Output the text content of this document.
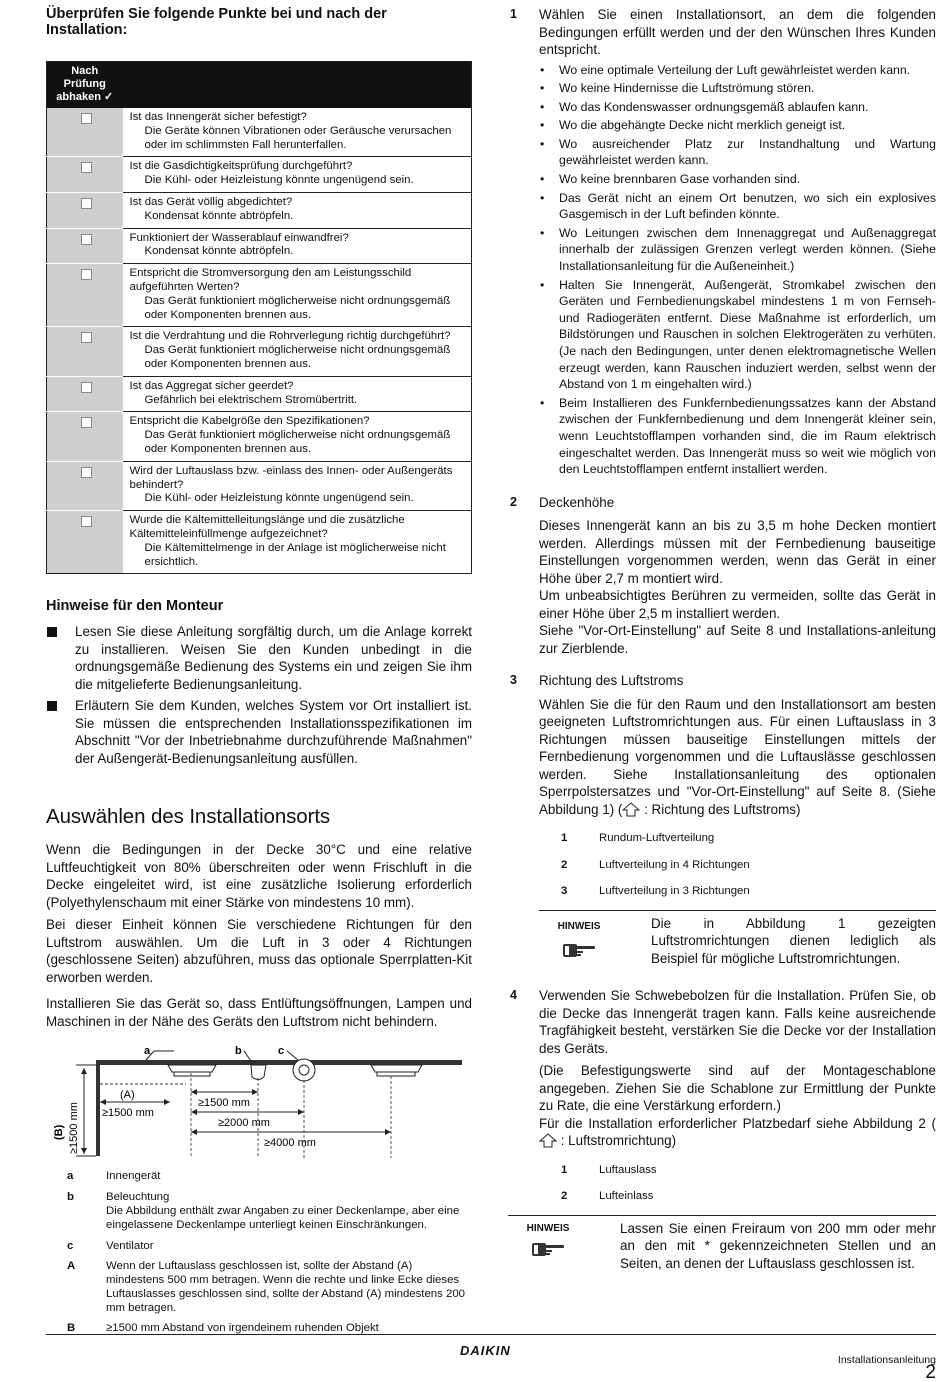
Überprüfen Sie folgende Punkte bei und nach der Installation:
Nach Prüfung abhaken ✓	

	Ist das Innengerät sicher befestigt?
Die Geräte können Vibrationen oder Geräusche verursachen oder im schlimmsten Fall herunterfallen.

	Ist die Gasdichtigkeitsprüfung durchgeführt?
Die Kühl- oder Heizleistung könnte ungenügend sein.

	Ist das Gerät völlig abgedichtet?
Kondensat könnte abtröpfeln.

	Funktioniert der Wasserablauf einwandfrei?
Kondensat könnte abtröpfeln.

	Entspricht die Stromversorgung den am Leistungsschild aufgeführten Werten?
Das Gerät funktioniert möglicherweise nicht ordnungsgemäß oder Komponenten brennen aus.

	Ist die Verdrahtung und die Rohrverlegung richtig durchgeführt?
Das Gerät funktioniert möglicherweise nicht ordnungsgemäß oder Komponenten brennen aus.

	Ist das Aggregat sicher geerdet?
Gefährlich bei elektrischem Stromübertritt.

	Entspricht die Kabelgröße den Spezifikationen?
Das Gerät funktioniert möglicherweise nicht ordnungsgemäß oder Komponenten brennen aus.

	Wird der Luftauslass bzw. -einlass des Innen- oder Außengeräts behindert?
Die Kühl- oder Heizleistung könnte ungenügend sein.

	Wurde die Kältemittelleitungslänge und die zusätzliche Kältemitteleinfüllmenge aufgezeichnet?
Die Kältemittelmenge in der Anlage ist möglicherweise nicht ersichtlich.
Hinweise für den Monteur
Lesen Sie diese Anleitung sorgfältig durch, um die Anlage korrekt zu installieren. Weisen Sie den Kunden unbedingt in die ordnungsgemäße Bedienung des Systems ein und zeigen Sie ihm die mitgelieferte Bedienungsanleitung.
Erläutern Sie dem Kunden, welches System vor Ort installiert ist. Sie müssen die entsprechenden Installationsspezifikationen im Abschnitt "Vor der Inbetriebnahme durchzuführende Maßnahmen" der Außengerät-Bedienungsanleitung ausfüllen.
Auswählen des Installationsorts

Wenn die Bedingungen in der Decke 30°C und eine relative Luftfeuchtigkeit von 80% überschreiten oder wenn Frischluft in die Decke eingeleitet wird, ist eine zusätzliche Isolierung erforderlich (Polyethylenschaum mit einer Stärke von mindestens 10 mm).

Bei dieser Einheit können Sie verschiedene Richtungen für den Luftstrom auswählen. Um die Luft in 3 oder 4 Richtungen (geschlossene Seiten) abzuführen, muss das optionale Sperrplatten-Kit erworben werden.

Installieren Sie das Gerät so, dass Entlüftungsöffnungen, Lampen und Maschinen in der Nähe des Geräts den Luftstrom nicht behindern.

a	b	c
(A)
≥1500 mm
≥1500 mm
≥2000 mm
≥4000 mm
(B) ≥1500 mm
a	Innengerät
b	Beleuchtung
Die Abbildung enthält zwar Angaben zu einer Deckenlampe, aber eine eingelassene Deckenlampe unterliegt keinen Einschränkungen.
c	Ventilator
A	Wenn der Luftauslass geschlossen ist, sollte der Abstand (A) mindestens 500 mm betragen. Wenn die rechte und linke Ecke dieses Luftauslasses geschlossen sind, sollte der Abstand (A) mindestens 200 mm betragen.
B	≥1500 mm Abstand von irgendeinem ruhenden Objekt
1 Wählen Sie einen Installationsort, an dem die folgenden Bedingungen erfüllt werden und der den Wünschen Ihres Kunden entspricht.

• Wo eine optimale Verteilung der Luft gewährleistet werden kann.
• Wo keine Hindernisse die Luftströmung stören.
• Wo das Kondenswasser ordnungsgemäß ablaufen kann.
• Wo die abgehängte Decke nicht merklich geneigt ist.
• Wo ausreichender Platz zur Instandhaltung und Wartung gewährleistet werden kann.
• Wo keine brennbaren Gase vorhanden sind.
• Das Gerät nicht an einem Ort benutzen, wo sich ein explosives Gasgemisch in der Luft befinden könnte.
• Wo Leitungen zwischen dem Innenaggregat und Außenaggregat innerhalb der zulässigen Grenzen verlegt werden können. (Siehe Installationsanleitung für die Außeneinheit.)
• Halten Sie Innengerät, Außengerät, Stromkabel zwischen den Geräten und Fernbedienungskabel mindestens 1 m von Fernseh- und Radiogeräten entfernt. Diese Maßnahme ist erforderlich, um Bildstörungen und Rauschen in solchen Elektrogeräten zu verhüten. (Je nach den Bedingungen, unter denen elektromagnetische Wellen erzeugt werden, kann Rauschen induziert werden, selbst wenn der Abstand von 1 m eingehalten wird.)
• Beim Installieren des Funkfernbedienungssatzes kann der Abstand zwischen der Funkfernbedienung und dem Innengerät kleiner sein, wenn Leuchtstofflampen vorhanden sind, die im Raum elektrisch eingeschaltet werden. Das Innengerät muss so weit wie möglich von den Leuchtstofflampen entfernt installiert werden.
2 Deckenhöhe

Dieses Innengerät kann an bis zu 3,5 m hohe Decken montiert werden. Allerdings müssen mit der Fernbedienung bauseitige Einstellungen vorgenommen werden, wenn das Gerät in einer Höhe über 2,7 m montiert wird.

Um unbeabsichtigtes Berühren zu vermeiden, sollte das Gerät in einer Höhe über 2,5 m installiert werden.

Siehe "Vor-Ort-Einstellung" auf Seite 8 und Installations-anleitung zur Zierblende.

3 Richtung des Luftstroms

Wählen Sie die für den Raum und den Installationsort am besten geeigneten Luftstromrichtungen aus. Für einen Luftauslass in 3 Richtungen müssen bauseitige Einstellungen mittels der Fernbedienung vorgenommen und die Luftauslässe geschlossen werden. Siehe Installationsanleitung des optionalen Sperrpolstersatzes und "Vor-Ort-Einstellung" auf Seite 8. (Siehe Abbildung 1) ( : Richtung des Luftstroms)

1	Rundum-Luftverteilung
2	Luftverteilung in 4 Richtungen
3	Luftverteilung in 3 Richtungen
HINWEIS	Die in Abbildung 1 gezeigten Luftstromrichtungen dienen lediglich als Beispiel für mögliche Luftstromrichtungen.

4 Verwenden Sie Schwebebolzen für die Installation. Prüfen Sie, ob die Decke das Innengerät tragen kann. Falls keine ausreichende Tragfähigkeit besteht, verstärken Sie die Decke vor der Installation des Geräts.

(Die Befestigungswerte sind auf der Montageschablone angegeben. Ziehen Sie die Schablone zur Ermittlung der Punkte zu Rate, die eine Verstärkung erfordern.)

Für die Installation erforderlicher Platzbedarf siehe Abbildung 2 ( : Luftstromrichtung)

1	Luftauslass
2	Lufteinlass
HINWEIS	Lassen Sie einen Freiraum von 200 mm oder mehr an den mit * gekennzeichneten Stellen und an Seiten, an denen der Luftauslass geschlossen ist.

DAIKIN
Installationsanleitung
2
